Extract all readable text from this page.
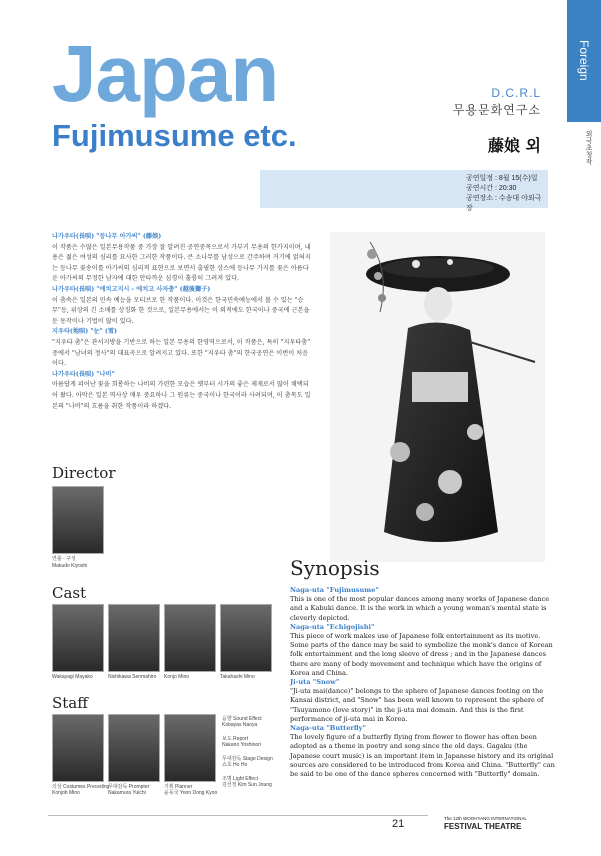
Foreign
외국초청작
Japan
Fujimusume etc.
D.C.R.L
무용문화연구소
藤娘 외
공연일정 : 8월 15(수)일
공연시간 : 20:30
공연장소 : 수송대 야외극장
나가우타(長唄) "등나무 아가씨" (藤娘)
이 작품은 수많은 일본무용작품 중 가장 잘 알려진 공연중목으로서 가부키 무용의 한가지이며, 내용은 젊은 여성의 심리를 묘사한 그러한 작품이다. 큰 소나무를 남성으로 간주하며 거기에 얽혀지는 등나무 꽃송이를 아가씨의 심리적 표현으로 보면서 출필한 상스에 등나무 가지를 꽃은 아름다운 아가씨의 무정한 남자에 대한 안타까운 심경이 훌륭히 그려져 있다.
나가우타(長唄) "에치고지시 - 에치고 사자춤" (越後獅子)
이 춤속은 일본의 민속 예능을 모티브로 한 작품이다. 이것은 한국민속예능에서 볼 수 있는 "승무"등, 위상의 긴 소매를 상징화 한 것으로, 일본무용에서는 이 외적에도 한국이나 중국에 근본을 둔 동작이나 기법이 많이 있다.
지우타(地唄) "눈" (雪)
"지우타 춤"은 관서지방을 기반으로 하는 일본 무용의 한영역으로서, 이 작품은, 특히 "지우타춤" 중에서 "남녀의 정사"의 대표곡으로 알려지고 있다. 또한 "지우타 춤"의 한국공연은 이번이 처음이다.
나가우타(長唄) "나비"
아름답게 피어난 꽃을 희롱하는 나비의 가련한 모습은 옛부터 시가의 좋은 제재로서 많이 채택되어 왔다. 아악은 일본 역사상 매우 중요하나 그 원류는 중국이나 한국이라 사려되며, 이 춤목도 일본의 "나비"의 흐름을 취한 작품이라 하겠다.
Director
연출 · 구성
Makudo Kiyoshi
Cast
Wakayagi Mayako	Nishikawa Senmahiro Konjo Mino	Takahashi Mino
Staff
의상 Costumes Preceding
Konjob Mino
무대감독 Prompter
Nakamura Yuichi
기획 Planner
윤동국 Yoon Dong Kyoo
음향 Sound Effect
Kobayas Naoya
보도 Report
Nakano Yoshinori
무대감독 Stage Design
쇼호 Ho Ho
조명 Light Effect
김선정 Kim Sun Joung
Synopsis
Naga-uta "Fujimusume"
This is one of the most popular dances among many works of Japanese dance and a Kabuki dance. It is the work in which a young woman's mental state is cleverly depicted.
Naga-uta "Echigojishi"
This piece of work makes use of Japanese folk entertainment as its motive. Some parts of the dance may be said to symbolize the monk's dance of Korean folk entertainment and the long sleeve of dress ; and in the Japanese dances there are many of body movement and technique which have the origins of Korea and China.
Ji-uta "Snow"
"Ji-uta mai(dance)" belongs to the sphere of Japanese dances footing on the Kansai district, and "Snow" has been well known to represent the sphere of "Tsuyamono (love story)" in the ji-uta mai domain. And this is the first performance of ji-uta mai in Korea.
Naga-uta "Butterfly"
The lovely figure of a butterfly flying from flower to flower has often been adopted as a theme in poetry and song since the old days. Gagaku (the Japanese court music) is an important item in Japanese history and its original sources are considered to be introduced from Korea and China. "Butterfly" can be said to be one of the dance spheres concerned with "Butterfly" domain.
21	The 12th WOOHYANG INTERNATIONAL
FESTIVAL THEATRE
